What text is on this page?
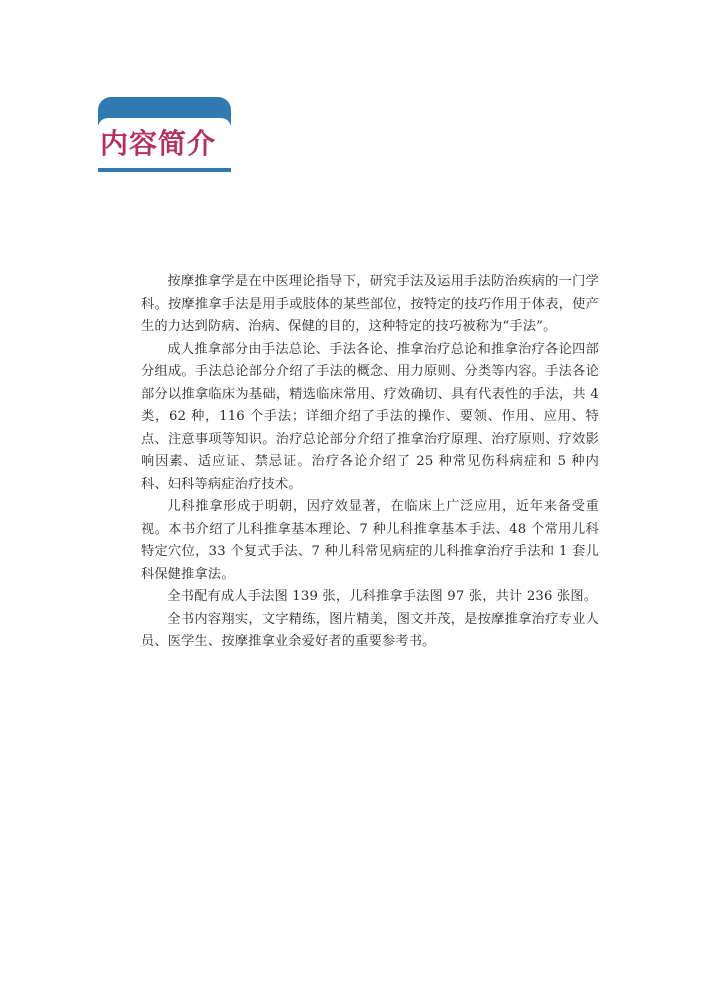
内容简介

按摩推拿学是在中医理论指导下，研究手法及运用手法防治疾病的一门学科。按摩推拿手法是用手或肢体的某些部位，按特定的技巧作用于体表，使产生的力达到防病、治病、保健的目的，这种特定的技巧被称为“手法”。

成人推拿部分由手法总论、手法各论、推拿治疗总论和推拿治疗各论四部分组成。手法总论部分介绍了手法的概念、用力原则、分类等内容。手法各论部分以推拿临床为基础，精选临床常用、疗效确切、具有代表性的手法，共 4 类，62 种，116 个手法；详细介绍了手法的操作、要领、作用、应用、特点、注意事项等知识。治疗总论部分介绍了推拿治疗原理、治疗原则、疗效影响因素、适应证、禁忌证。治疗各论介绍了 25 种常见伤科病症和 5 种内科、妇科等病症治疗技术。

儿科推拿形成于明朝，因疗效显著，在临床上广泛应用，近年来备受重视。本书介绍了儿科推拿基本理论、7 种儿科推拿基本手法、48 个常用儿科特定穴位，33 个复式手法、7 种儿科常见病症的儿科推拿治疗手法和 1 套儿科保健推拿法。

全书配有成人手法图 139 张，儿科推拿手法图 97 张，共计 236 张图。

全书内容翔实，文字精练，图片精美，图文并茂，是按摩推拿治疗专业人员、医学生、按摩推拿业余爱好者的重要参考书。
